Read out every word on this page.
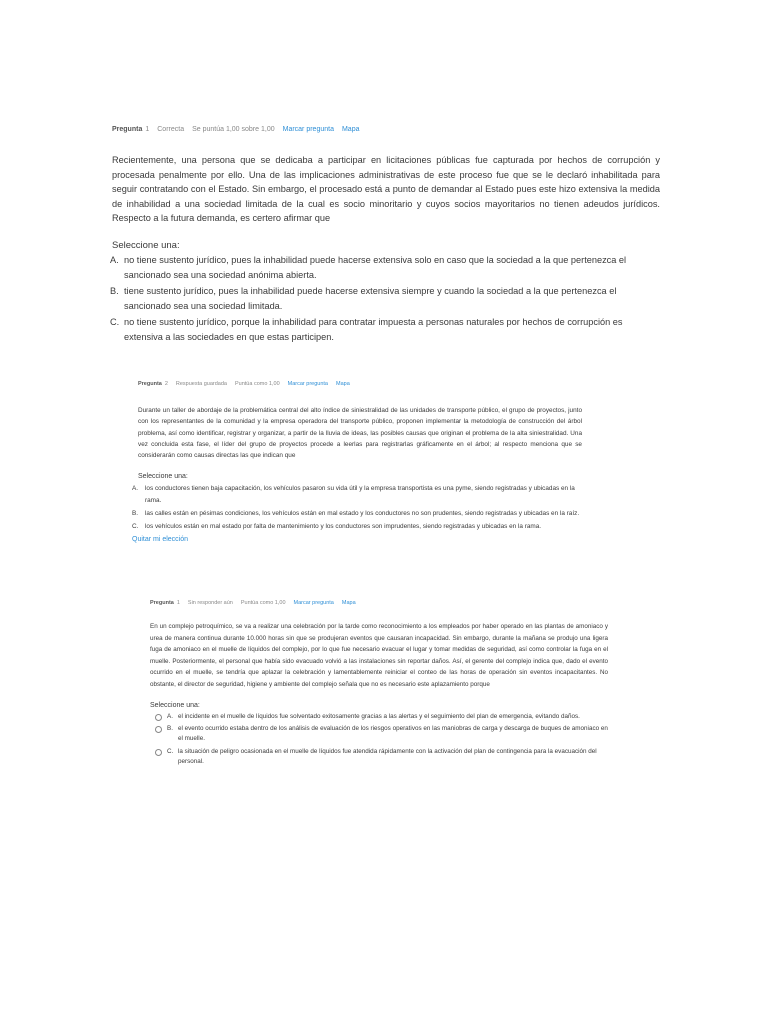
Pregunta 1 Correcta Se puntúa 1,00 sobre 1,00 Marcar pregunta Mapa

Recientemente, una persona que se dedicaba a participar en licitaciones públicas fue capturada por hechos de corrupción y procesada penalmente por ello. Una de las implicaciones administrativas de este proceso fue que se le declaró inhabilitada para seguir contratando con el Estado. Sin embargo, el procesado está a punto de demandar al Estado pues este hizo extensiva la medida de inhabilidad a una sociedad limitada de la cual es socio minoritario y cuyos socios mayoritarios no tienen adeudos jurídicos. Respecto a la futura demanda, es certero afirmar que

Seleccione una:

A. no tiene sustento jurídico, pues la inhabilidad puede hacerse extensiva solo en caso que la sociedad a la que pertenezca el sancionado sea una sociedad anónima abierta.
B. tiene sustento jurídico, pues la inhabilidad puede hacerse extensiva siempre y cuando la sociedad a la que pertenezca el sancionado sea una sociedad limitada.
C. no tiene sustento jurídico, porque la inhabilidad para contratar impuesta a personas naturales por hechos de corrupción es extensiva a las sociedades en que estas participen.
Pregunta 2 Respuesta guardada Puntúa como 1,00 Marcar pregunta Mapa

Durante un taller de abordaje de la problemática central del alto índice de siniestralidad de las unidades de transporte público, el grupo de proyectos, junto con los representantes de la comunidad y la empresa operadora del transporte público, proponen implementar la metodología de construcción del árbol problema, así como identificar, registrar y organizar, a partir de la lluvia de ideas, las posibles causas que originan el problema de la alta siniestralidad. Una vez concluida esta fase, el líder del grupo de proyectos procede a leerlas para registrarlas gráficamente en el árbol; al respecto menciona que se considerarán como causas directas las que indican que

Seleccione una:

A.	los conductores tienen baja capacitación, los vehículos pasaron su vida útil y la empresa transportista es una pyme, siendo registradas y ubicadas en la rama.
B.	las calles están en pésimas condiciones, los vehículos están en mal estado y los conductores no son prudentes, siendo registradas y ubicadas en la raíz.
C.	los vehículos están en mal estado por falta de mantenimiento y los conductores son imprudentes, siendo registradas y ubicadas en la rama.
Quitar mi elección
Pregunta 1 Sin responder aún Puntúa como 1,00 Marcar pregunta Mapa

En un complejo petroquímico, se va a realizar una celebración por la tarde como reconocimiento a los empleados por haber operado en las plantas de amoniaco y urea de manera continua durante 10.000 horas sin que se produjeran eventos que causaran incapacidad. Sin embargo, durante la mañana se produjo una ligera fuga de amoniaco en el muelle de líquidos del complejo, por lo que fue necesario evacuar el lugar y tomar medidas de seguridad, así como controlar la fuga en el muelle. Posteriormente, el personal que había sido evacuado volvió a las instalaciones sin reportar daños. Así, el gerente del complejo indica que, dado el evento ocurrido en el muelle, se tendría que aplazar la celebración y lamentablemente reiniciar el conteo de las horas de operación sin eventos incapacitantes. No obstante, el director de seguridad, higiene y ambiente del complejo señala que no es necesario este aplazamiento porque

Seleccione una:

A. el incidente en el muelle de líquidos fue solventado exitosamente gracias a las alertas y el seguimiento del plan de emergencia, evitando daños.
B. el evento ocurrido estaba dentro de los análisis de evaluación de los riesgos operativos en las maniobras de carga y descarga de buques de amoniaco en el muelle.
C. la situación de peligro ocasionada en el muelle de líquidos fue atendida rápidamente con la activación del plan de contingencia para la evacuación del personal.
